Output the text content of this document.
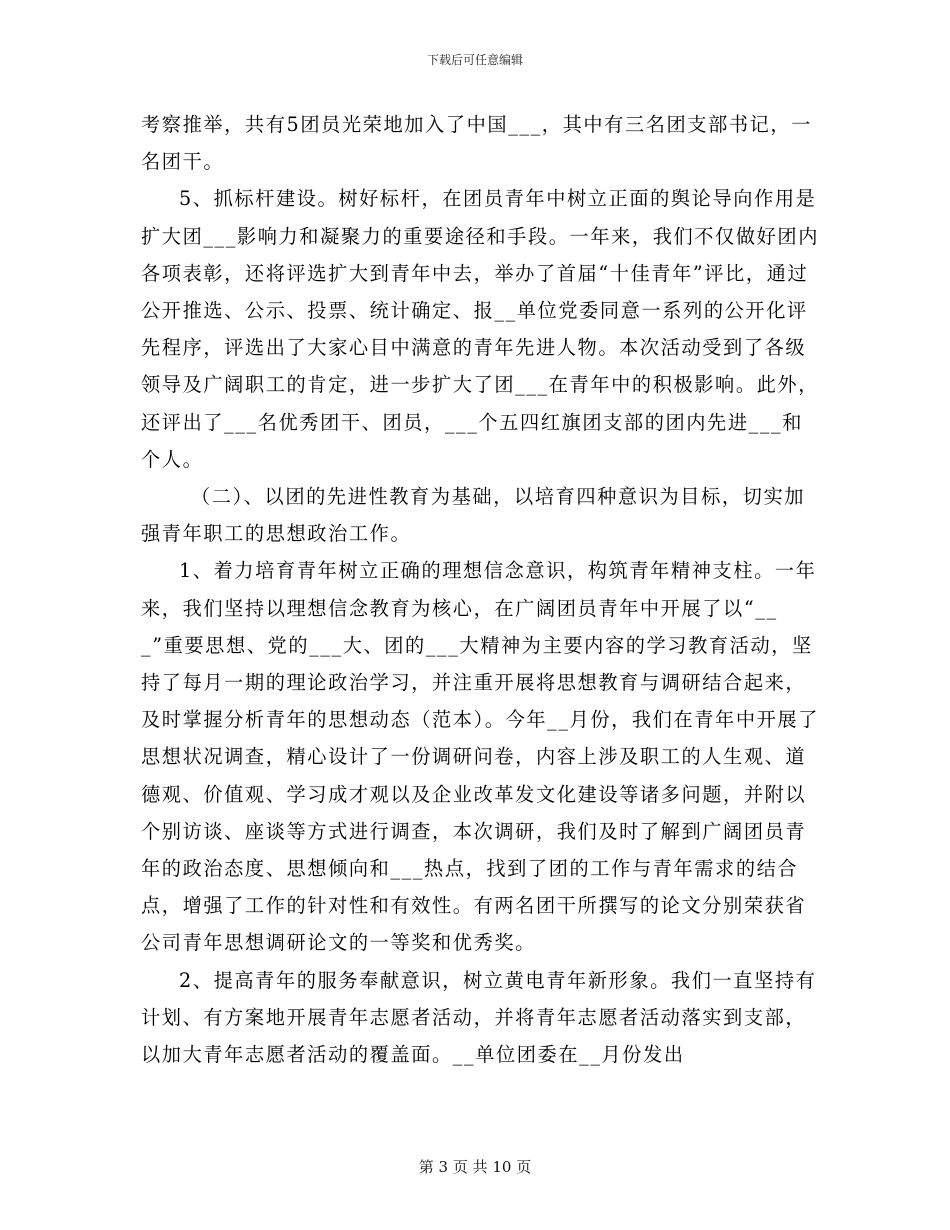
下载后可任意编辑

考察推举，共有5团员光荣地加入了中国___，其中有三名团支部书记，一名团干。

5、抓标杆建设。树好标杆，在团员青年中树立正面的舆论导向作用是扩大团___影响力和凝聚力的重要途径和手段。一年来，我们不仅做好团内各项表彰，还将评选扩大到青年中去，举办了首届“十佳青年”评比，通过公开推选、公示、投票、统计确定、报__单位党委同意一系列的公开化评先程序，评选出了大家心目中满意的青年先进人物。本次活动受到了各级领导及广阔职工的肯定，进一步扩大了团___在青年中的积极影响。此外，还评出了___名优秀团干、团员，___个五四红旗团支部的团内先进___和个人。

（二）、以团的先进性教育为基础，以培育四种意识为目标，切实加强青年职工的思想政治工作。

1、着力培育青年树立正确的理想信念意识，构筑青年精神支柱。一年来，我们坚持以理想信念教育为核心，在广阔团员青年中开展了以“___”重要思想、党的___大、团的___大精神为主要内容的学习教育活动，坚持了每月一期的理论政治学习，并注重开展将思想教育与调研结合起来，及时掌握分析青年的思想动态（范本）。今年__月份，我们在青年中开展了思想状况调查，精心设计了一份调研问卷，内容上涉及职工的人生观、道德观、价值观、学习成才观以及企业改革发文化建设等诸多问题，并附以个别访谈、座谈等方式进行调查，本次调研，我们及时了解到广阔团员青年的政治态度、思想倾向和___热点，找到了团的工作与青年需求的结合点，增强了工作的针对性和有效性。有两名团干所撰写的论文分别荣获省公司青年思想调研论文的一等奖和优秀奖。

2、提高青年的服务奉献意识，树立黄电青年新形象。我们一直坚持有计划、有方案地开展青年志愿者活动，并将青年志愿者活动落实到支部，以加大青年志愿者活动的覆盖面。__单位团委在__月份发出

第 3 页 共 10 页
